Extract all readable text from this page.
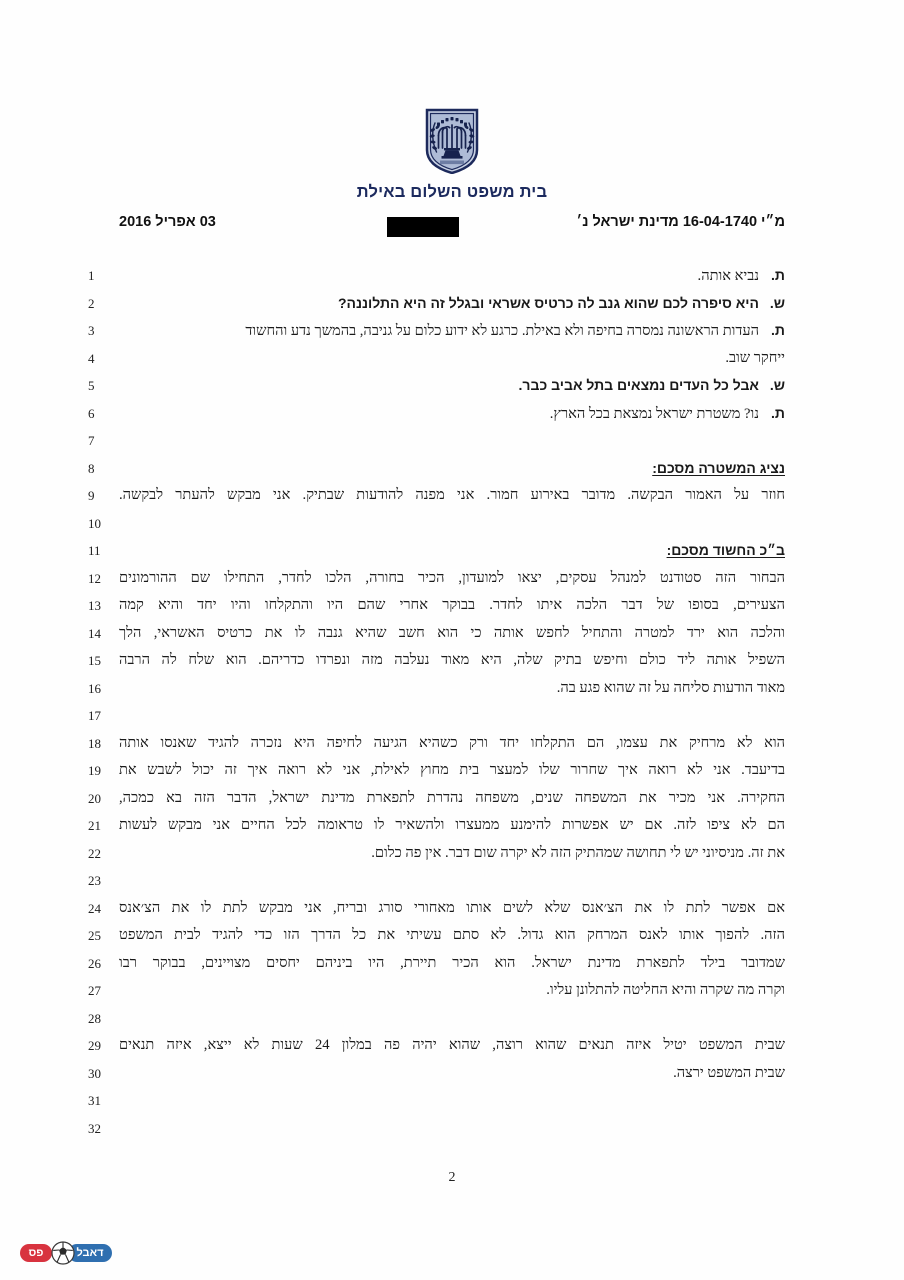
בית משפט השלום באילת
מ״י 16-04-1740 מדינת ישראל נ׳
03 אפריל 2016
1	ת.נביא אותה.
2	ש.היא סיפרה לכם שהוא גנב לה כרטיס אשראי ובגלל זה היא התלוננה?
3	ת.העדות הראשונה נמסרה בחיפה ולא באילת. כרגע לא ידוע כלום על גניבה, בהמשך נדע והחשוד
4	ייחקר שוב.
5	ש.אבל כל העדים נמצאים בתל אביב כבר.
6	ת.נו? משטרת ישראל נמצאת בכל הארץ.
7
8	נציג המשטרה מסכם:
9	חוזר על האמור הבקשה. מדובר באירוע חמור. אני מפנה להודעות שבתיק. אני מבקש להעתר לבקשה.
10
11	ב״כ החשוד מסכם:
12	הבחור הזה סטודנט למנהל עסקים, יצאו למועדון, הכיר בחורה, הלכו לחדר, התחילו שם ההורמונים
13	הצעירים, בסופו של דבר הלכה איתו לחדר. בבוקר אחרי שהם היו והתקלחו והיו יחד והיא קמה
14	והלכה הוא ירד למטרה והתחיל לחפש אותה כי הוא חשב שהיא גנבה לו את כרטיס האשראי, הלך
15	השפיל אותה ליד כולם וחיפש בתיק שלה, היא מאוד נעלבה מזה ונפרדו כדריהם. הוא שלח לה הרבה
16	מאוד הודעות סליחה על זה שהוא פגע בה.
17
18	הוא לא מרחיק את עצמו, הם התקלחו יחד ורק כשהיא הגיעה לחיפה היא נזכרה להגיד שאנסו אותה
19	בדיעבד. אני לא רואה איך שחרור שלו למעצר בית מחוץ לאילת, אני לא רואה איך זה יכול לשבש את
20	החקירה. אני מכיר את המשפחה שנים, משפחה נהדרת לתפארת מדינת ישראל, הדבר הזה בא כמכה,
21	הם לא ציפו לזה. אם יש אפשרות להימנע ממעצרו ולהשאיר לו טראומה לכל החיים אני מבקש לעשות
22	את זה. מניסיוני יש לי תחושה שמהתיק הזה לא יקרה שום דבר. אין פה כלום.
23
24	אם אפשר לתת לו את הצ׳אנס שלא לשים אותו מאחורי סורג ובריח, אני מבקש לתת לו את הצ׳אנס
25	הזה. להפוך אותו לאנס המרחק הוא גדול. לא סתם עשיתי את כל הדרך הזו כדי להגיד לבית המשפט
26	שמדובר בילד לתפארת מדינת ישראל. הוא הכיר תיירת, היו ביניהם יחסים מצויינים, בבוקר רבו
27	וקרה מה שקרה והיא החליטה להתלונן עליו.
28
29	שבית המשפט יטיל איזה תנאים שהוא רוצה, שהוא יהיה פה במלון 24 שעות לא ייצא, איזה תנאים
30	שבית המשפט ירצה.
31
32
2
דאבל
פס
